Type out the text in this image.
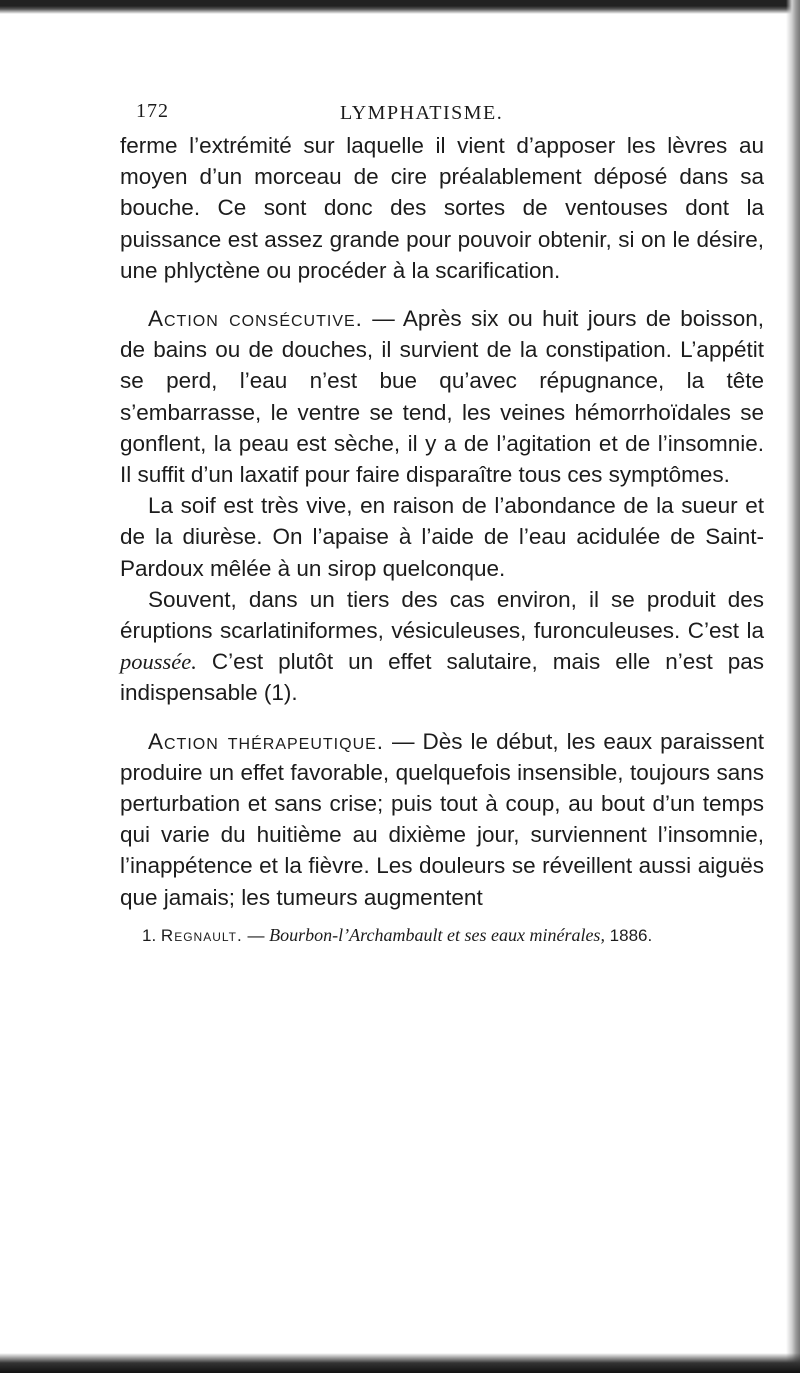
172	LYMPHATISME.

ferme l’extrémité sur laquelle il vient d’apposer les lèvres au moyen d’un morceau de cire préalablement déposé dans sa bouche. Ce sont donc des sortes de ventouses dont la puissance est assez grande pour pouvoir obtenir, si on le désire, une phlyctène ou procéder à la scarification.

Action consécutive. — Après six ou huit jours de boisson, de bains ou de douches, il survient de la constipation. L’appétit se perd, l’eau n’est bue qu’avec répugnance, la tête s’embarrasse, le ventre se tend, les veines hémorrhoïdales se gonflent, la peau est sèche, il y a de l’agitation et de l’insomnie. Il suffit d’un laxatif pour faire disparaître tous ces symptômes.

La soif est très vive, en raison de l’abondance de la sueur et de la diurèse. On l’apaise à l’aide de l’eau acidulée de Saint-Pardoux mêlée à un sirop quelconque.

Souvent, dans un tiers des cas environ, il se produit des éruptions scarlatiniformes, vésiculeuses, furonculeuses. C’est la poussée. C’est plutôt un effet salutaire, mais elle n’est pas indispensable (1).

Action thérapeutique. — Dès le début, les eaux paraissent produire un effet favorable, quelquefois insensible, toujours sans perturbation et sans crise; puis tout à coup, au bout d’un temps qui varie du huitième au dixième jour, surviennent l’insomnie, l’inappétence et la fièvre. Les douleurs se réveillent aussi aiguës que jamais; les tumeurs augmentent

1. Regnault. — Bourbon-l’Archambault et ses eaux minérales, 1886.
